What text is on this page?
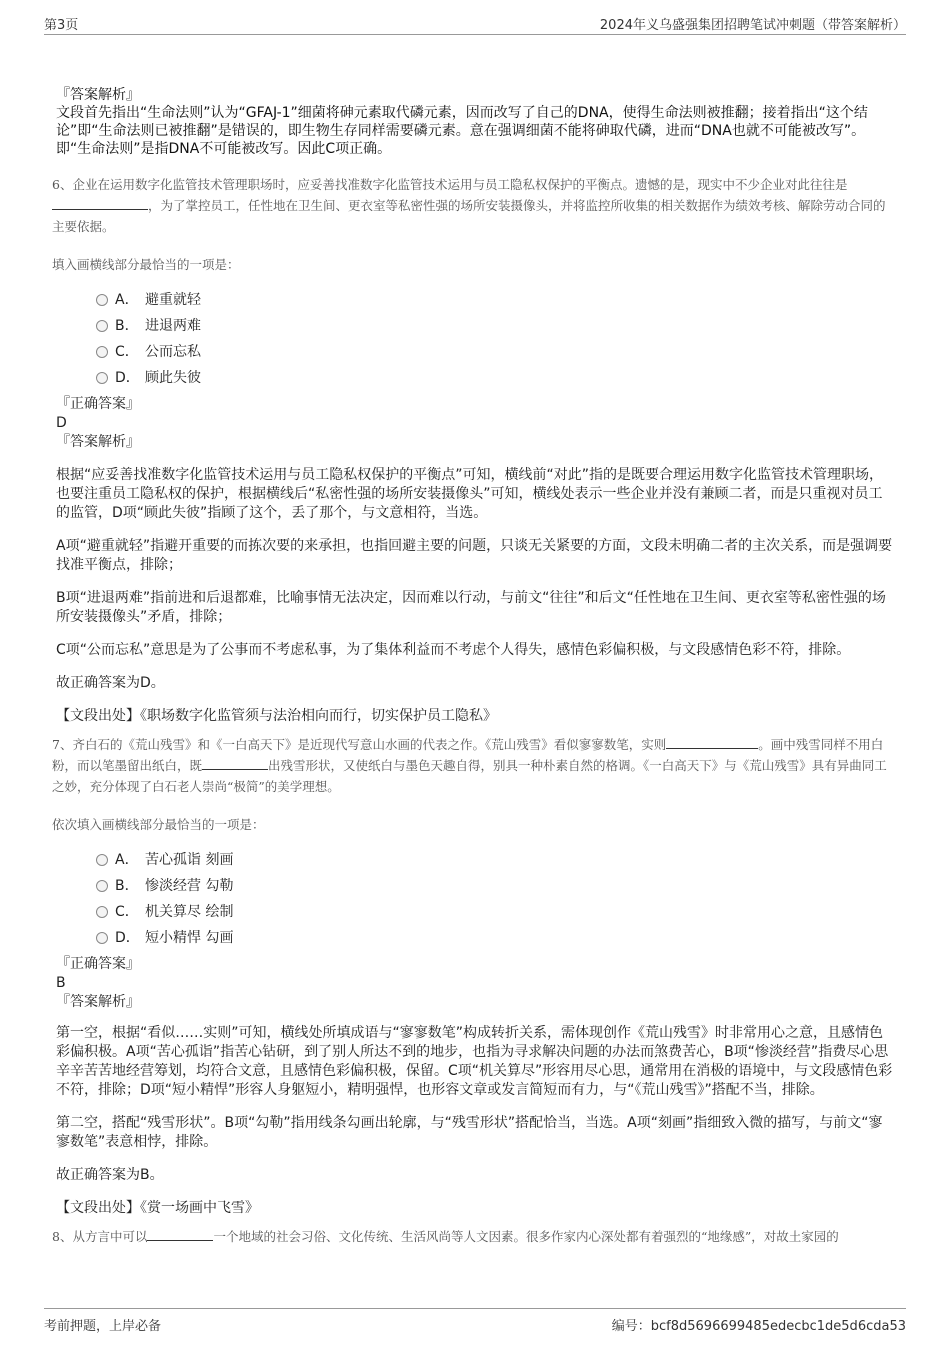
第3页	2024年义乌盛强集团招聘笔试冲刺题（带答案解析）
『答案解析』
文段首先指出“生命法则”认为“GFAJ-1”细菌将砷元素取代磷元素，因而改写了自己的DNA，使得生命法则被推翻；接着指出“这个结论”即“生命法则已被推翻”是错误的，即生物生存同样需要磷元素。意在强调细菌不能将砷取代磷，进而“DNA也就不可能被改写”。即“生命法则”是指DNA不可能被改写。因此C项正确。
6、企业在运用数字化监管技术管理职场时，应妥善找准数字化监管技术运用与员工隐私权保护的平衡点。遗憾的是，现实中不少企业对此往往是，为了掌控员工，任性地在卫生间、更衣室等私密性强的场所安装摄像头，并将监控所收集的相关数据作为绩效考核、解除劳动合同的主要依据。
填入画横线部分最恰当的一项是：
A． 避重就轻
B． 进退两难
C． 公而忘私
D． 顾此失彼
『正确答案』
D
『答案解析』

根据“应妥善找准数字化监管技术运用与员工隐私权保护的平衡点”可知，横线前“对此”指的是既要合理运用数字化监管技术管理职场，也要注重员工隐私权的保护，根据横线后“私密性强的场所安装摄像头”可知，横线处表示一些企业并没有兼顾二者，而是只重视对员工的监管，D项“顾此失彼”指顾了这个，丢了那个，与文意相符，当选。

A项“避重就轻”指避开重要的而拣次要的来承担，也指回避主要的问题，只谈无关紧要的方面，文段未明确二者的主次关系，而是强调要找准平衡点，排除；

B项“进退两难”指前进和后退都难，比喻事情无法决定，因而难以行动，与前文“往往”和后文“任性地在卫生间、更衣室等私密性强的场所安装摄像头”矛盾，排除；

C项“公而忘私”意思是为了公事而不考虑私事，为了集体利益而不考虑个人得失，感情色彩偏积极，与文段感情色彩不符，排除。

故正确答案为D。

【文段出处】《职场数字化监管须与法治相向而行，切实保护员工隐私》

7、齐白石的《荒山残雪》和《一白高天下》是近现代写意山水画的代表之作。《荒山残雪》看似寥寥数笔，实则	。画中残雪同样不用白粉，而以笔墨留出纸白，既	出残雪形状，又使纸白与墨色天趣自得，别具一种朴素自然的格调。《一白高天下》与《荒山残雪》具有异曲同工之妙，充分体现了白石老人崇尚“极简”的美学理想。
依次填入画横线部分最恰当的一项是：
A． 苦心孤诣 刻画
B． 惨淡经营 勾勒
C． 机关算尽 绘制
D． 短小精悍 勾画
『正确答案』
B
『答案解析』

第一空，根据“看似……实则”可知，横线处所填成语与“寥寥数笔”构成转折关系，需体现创作《荒山残雪》时非常用心之意，且感情色彩偏积极。A项“苦心孤诣”指苦心钻研，到了别人所达不到的地步，也指为寻求解决问题的办法而煞费苦心，B项“惨淡经营”指费尽心思辛辛苦苦地经营筹划，均符合文意，且感情色彩偏积极，保留。C项“机关算尽”形容用尽心思，通常用在消极的语境中，与文段感情色彩不符，排除；D项“短小精悍”形容人身躯短小，精明强悍，也形容文章或发言简短而有力，与“《荒山残雪》”搭配不当，排除。

第二空，搭配“残雪形状”。B项“勾勒”指用线条勾画出轮廓，与“残雪形状”搭配恰当，当选。A项“刻画”指细致入微的描写，与前文“寥寥数笔”表意相悖，排除。

故正确答案为B。

【文段出处】《赏一场画中飞雪》

8、从方言中可以	一个地域的社会习俗、文化传统、生活风尚等人文因素。很多作家内心深处都有着强烈的“地缘感”，对故土家园的
考前押题，上岸必备	编号：bcf8d5696699485edecbc1de5d6cda53
